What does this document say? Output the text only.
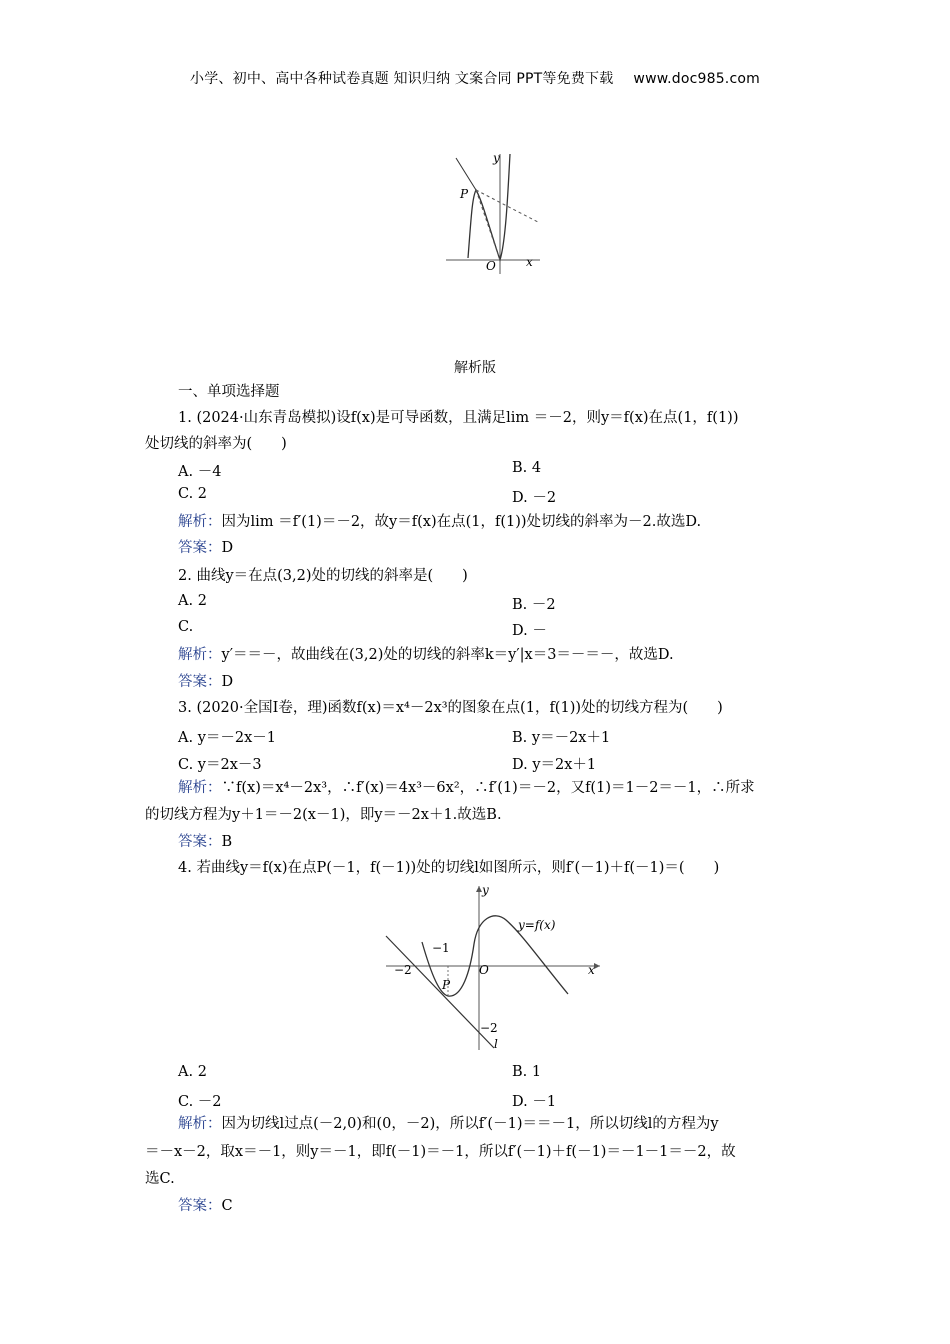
小学、初中、高中各种试卷真题 知识归纳 文案合同 PPT等免费下载 www.doc985.com
y
P
O	x
解析版
一、单项选择题
1. (2024·山东青岛模拟)设f(x)是可导函数，且满足lim ＝－2，则y＝f(x)在点(1，f(1))
处切线的斜率为(　　)
A. －4	B. 4
C. 2	D. －2
解析：因为lim ＝f′(1)＝－2，故y＝f(x)在点(1，f(1))处切线的斜率为－2.故选D.
答案：D
2. 曲线y＝在点(3,2)处的切线的斜率是(　　)
A. 2	B. －2
C.	D. －
解析：y′＝＝－，故曲线在(3,2)处的切线的斜率k＝y′|x＝3＝－＝－，故选D.
答案：D
3. (2020·全国Ⅰ卷，理)函数f(x)＝x⁴－2x³的图象在点(1，f(1))处的切线方程为(　　)
A. y＝－2x－1	B. y＝－2x＋1
C. y＝2x－3	D. y＝2x＋1
解析：∵f(x)＝x⁴－2x³，∴f′(x)＝4x³－6x²，∴f′(1)＝－2，又f(1)＝1－2＝－1，∴所求
的切线方程为y＋1＝－2(x－1)，即y＝－2x＋1.故选B.
答案：B
4. 若曲线y＝f(x)在点P(－1，f(－1))处的切线l如图所示，则f′(－1)＋f(－1)＝(　　)
y
y=f(x)
−1
−2	O	x
P
−2
l
A. 2	B. 1
C. －2	D. －1
解析：因为切线l过点(－2,0)和(0，－2)，所以f′(－1)＝＝－1，所以切线l的方程为y
＝－x－2，取x＝－1，则y＝－1，即f(－1)＝－1，所以f′(－1)＋f(－1)＝－1－1＝－2，故
选C.
答案：C
